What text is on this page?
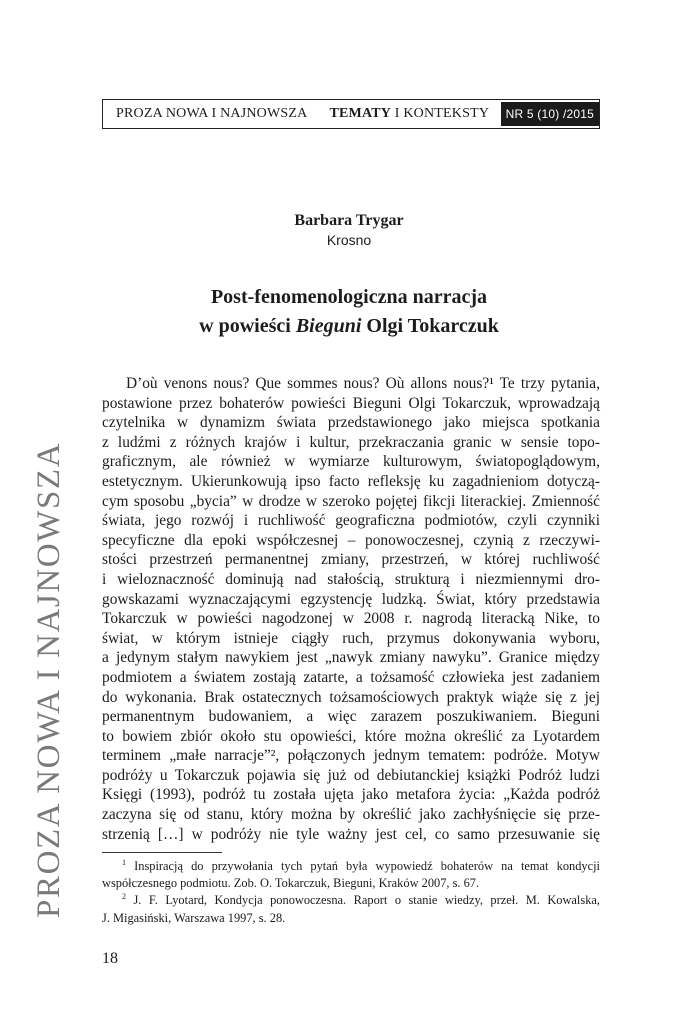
PROZA NOWA I NAJNOWSZA TEMATY I KONTEKSTY	NR 5 (10) /2015
PROZA NOWA I NAJNOWSZA
Barbara Trygar
Krosno
Post-fenomenologiczna narracja
w powieści Bieguni Olgi Tokarczuk
D’où venons nous? Que sommes nous? Où allons nous?¹ Te trzy pytania,
postawione przez bohaterów powieści Bieguni Olgi Tokarczuk, wprowadzają
czytelnika w dynamizm świata przedstawionego jako miejsca spotkania
z ludźmi z różnych krajów i kultur, przekraczania granic w sensie topo-
graficznym, ale również w wymiarze kulturowym, światopoglądowym,
estetycznym. Ukierunkowują ipso facto refleksję ku zagadnieniom dotyczą-
cym sposobu „bycia” w drodze w szeroko pojętej fikcji literackiej. Zmienność
świata, jego rozwój i ruchliwość geograficzna podmiotów, czyli czynniki
specyficzne dla epoki współczesnej – ponowoczesnej, czynią z rzeczywi-
stości przestrzeń permanentnej zmiany, przestrzeń, w której ruchliwość
i wieloznaczność dominują nad stałością, strukturą i niezmiennymi dro-
gowskazami wyznaczającymi egzystencję ludzką. Świat, który przedstawia
Tokarczuk w powieści nagodzonej w 2008 r. nagrodą literacką Nike, to
świat, w którym istnieje ciągły ruch, przymus dokonywania wyboru,
a jedynym stałym nawykiem jest „nawyk zmiany nawyku”. Granice między
podmiotem a światem zostają zatarte, a tożsamość człowieka jest zadaniem
do wykonania. Brak ostatecznych tożsamościowych praktyk wiąże się z jej
permanentnym budowaniem, a więc zarazem poszukiwaniem. Bieguni
to bowiem zbiór około stu opowieści, które można określić za Lyotardem
terminem „małe narracje”², połączonych jednym tematem: podróże. Motyw
podróży u Tokarczuk pojawia się już od debiutanckiej książki Podróż ludzi
Księgi (1993), podróż tu została ujęta jako metafora życia: „Każda podróż
zaczyna się od stanu, który można by określić jako zachłyśnięcie się prze-
strzenią […] w podróży nie tyle ważny jest cel, co samo przesuwanie się
$^1$ Inspiracją do przywołania tych pytań była wypowiedź bohaterów na temat kondycji
współczesnego podmiotu. Zob. O. Tokarczuk, Bieguni, Kraków 2007, s. 67.
$^2$ J. F. Lyotard, Kondycja ponowoczesna. Raport o stanie wiedzy, przeł. M. Kowalska,
J. Migasiński, Warszawa 1997, s. 28.
18
